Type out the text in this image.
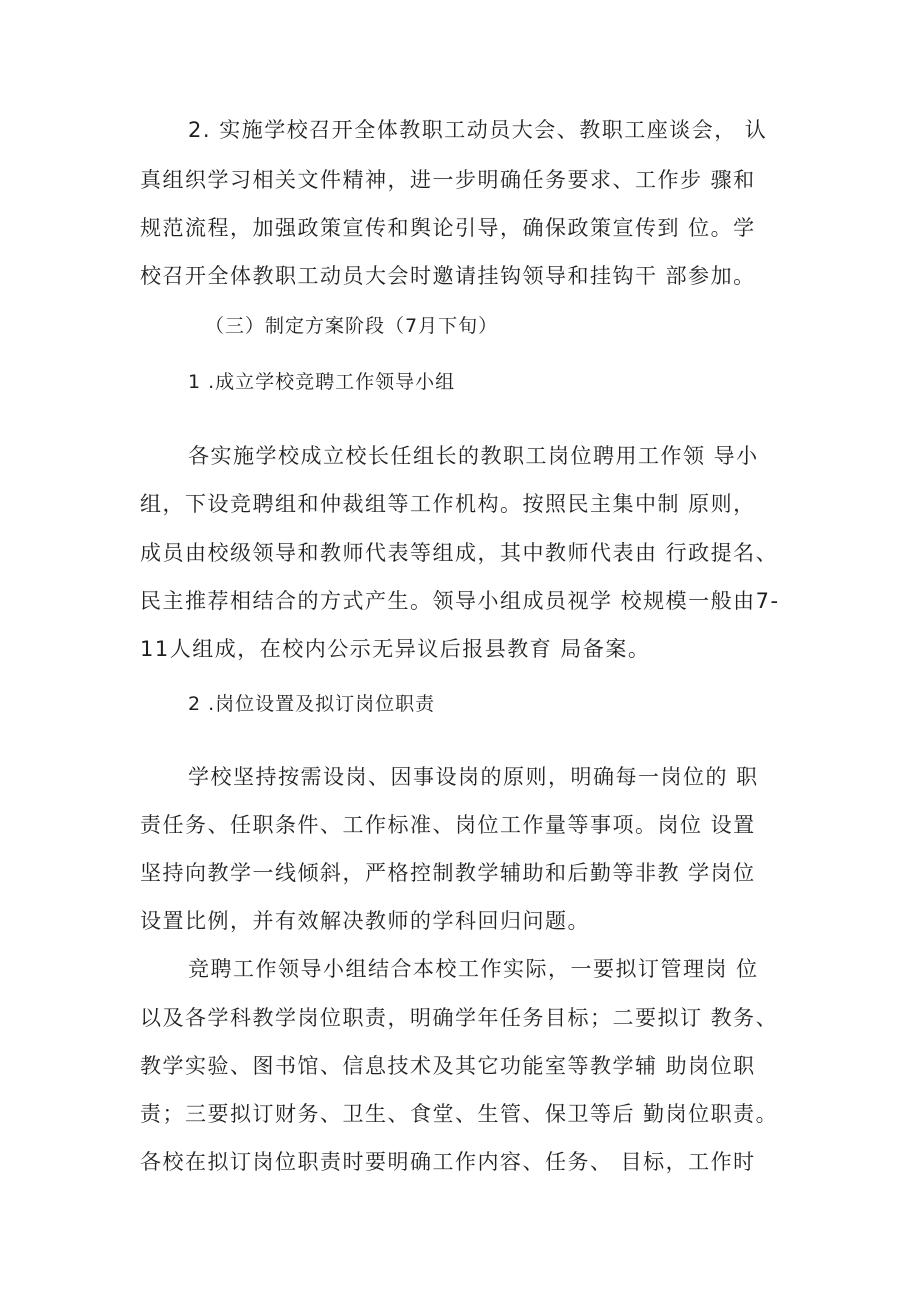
2. 实施学校召开全体教职工动员大会、教职工座谈会， 认
真组织学习相关文件精神，进一步明确任务要求、工作步 骤和
规范流程，加强政策宣传和舆论引导，确保政策宣传到 位。学
校召开全体教职工动员大会时邀请挂钩领导和挂钩干 部参加。
（三）制定方案阶段（7月下旬）
1 .成立学校竞聘工作领导小组
各实施学校成立校长任组长的教职工岗位聘用工作领 导小
组，下设竞聘组和仲裁组等工作机构。按照民主集中制 原则，
成员由校级领导和教师代表等组成，其中教师代表由 行政提名、
民主推荐相结合的方式产生。领导小组成员视学 校规模一般由7-
11人组成，在校内公示无异议后报县教育 局备案。
2 .岗位设置及拟订岗位职责
学校坚持按需设岗、因事设岗的原则，明确每一岗位的 职
责任务、任职条件、工作标准、岗位工作量等事项。岗位 设置
坚持向教学一线倾斜，严格控制教学辅助和后勤等非教 学岗位
设置比例，并有效解决教师的学科回归问题。
竞聘工作领导小组结合本校工作实际，一要拟订管理岗 位
以及各学科教学岗位职责，明确学年任务目标；二要拟订 教务、
教学实验、图书馆、信息技术及其它功能室等教学辅 助岗位职
责；三要拟订财务、卫生、食堂、生管、保卫等后 勤岗位职责。
各校在拟订岗位职责时要明确工作内容、任务、 目标，工作时
